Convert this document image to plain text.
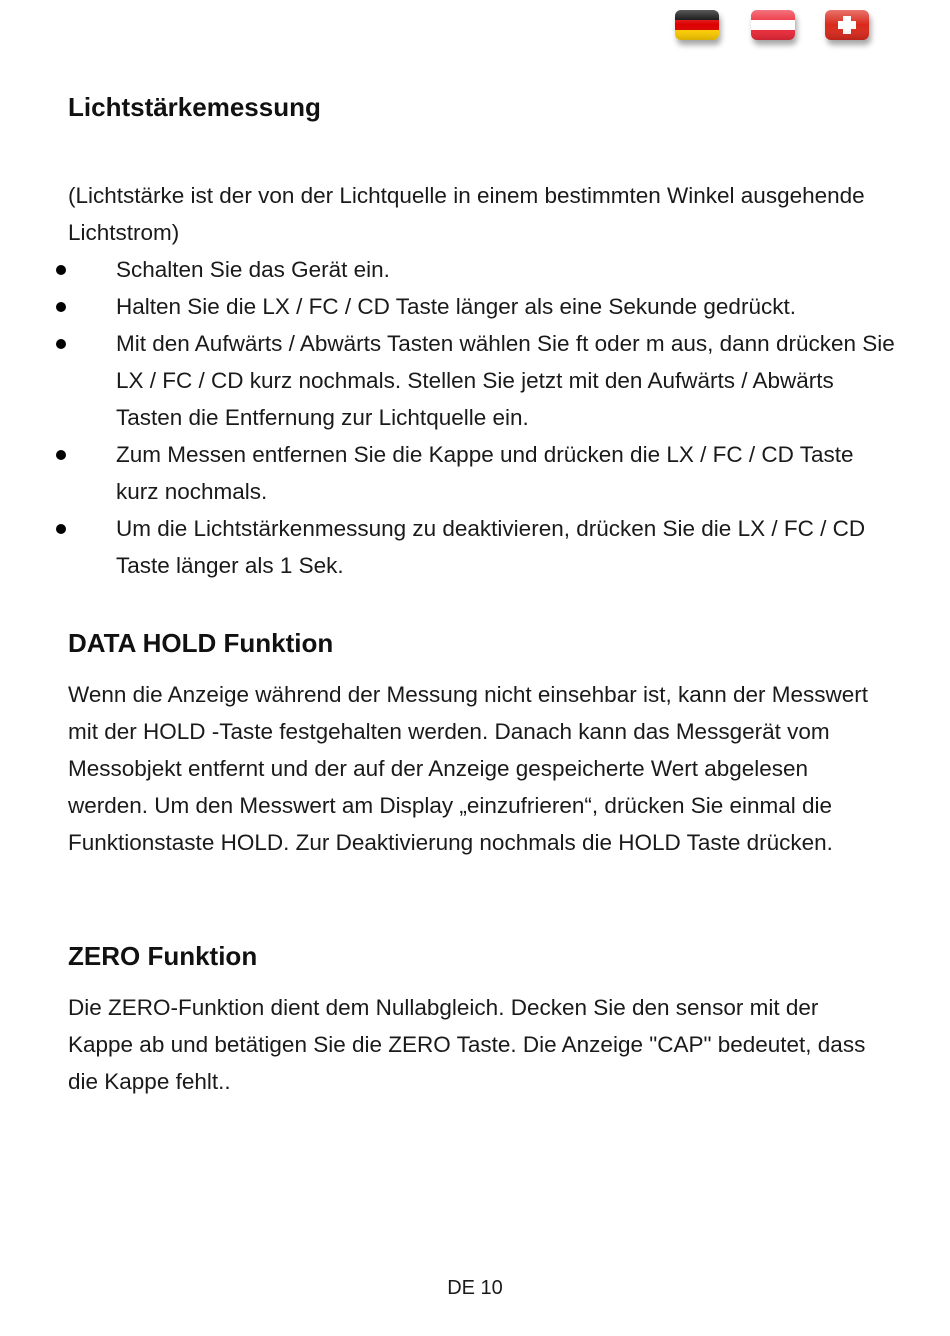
Lichtstärkemessung

(Lichtstärke ist der von der Lichtquelle in einem bestimmten Winkel ausgehende Lichtstrom)

Schalten Sie das Gerät ein.
Halten Sie die LX / FC / CD Taste länger als eine Sekunde gedrückt.
Mit den Aufwärts / Abwärts Tasten wählen Sie ft oder m aus, dann drücken Sie LX / FC / CD kurz nochmals. Stellen Sie jetzt mit den Aufwärts / Abwärts Tasten die Entfernung zur Lichtquelle ein.
Zum Messen entfernen Sie die Kappe und drücken die LX / FC / CD Taste kurz nochmals.
Um die Lichtstärkenmessung zu deaktivieren, drücken Sie die LX / FC / CD Taste länger als 1 Sek.
DATA HOLD Funktion

Wenn die Anzeige während der Messung nicht einsehbar ist, kann der Messwert mit der HOLD -Taste festgehalten werden. Danach kann das Messgerät vom Messobjekt entfernt und der auf der Anzeige gespeicherte Wert abgelesen werden. Um den Messwert am Display „einzufrieren“, drücken Sie einmal die Funktionstaste HOLD. Zur Deaktivierung nochmals die HOLD Taste drücken.

ZERO Funktion

Die ZERO-Funktion dient dem Nullabgleich. Decken Sie den sensor mit der Kappe ab und betätigen Sie die ZERO Taste. Die Anzeige "CAP" bedeutet, dass die Kappe fehlt..

DE 10
